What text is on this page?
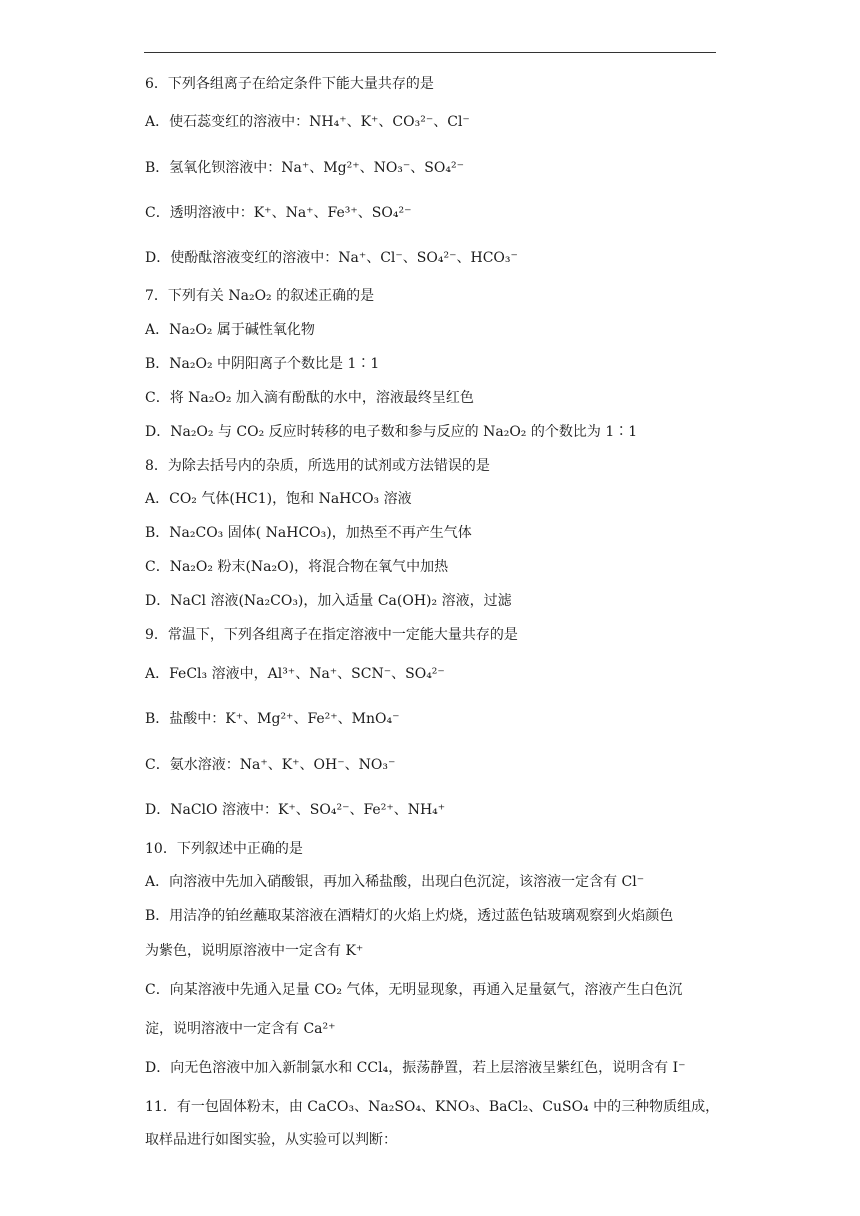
6．下列各组离子在给定条件下能大量共存的是
A．使石蕊变红的溶液中：NH₄⁺、K⁺、CO₃²⁻、Cl⁻
B．氢氧化钡溶液中：Na⁺、Mg²⁺、NO₃⁻、SO₄²⁻
C．透明溶液中：K⁺、Na⁺、Fe³⁺、SO₄²⁻
D．使酚酞溶液变红的溶液中：Na⁺、Cl⁻、SO₄²⁻、HCO₃⁻
7．下列有关 Na₂O₂ 的叙述正确的是
A．Na₂O₂ 属于碱性氧化物
B．Na₂O₂ 中阴阳离子个数比是 1∶1
C．将 Na₂O₂ 加入滴有酚酞的水中，溶液最终呈红色
D．Na₂O₂ 与 CO₂ 反应时转移的电子数和参与反应的 Na₂O₂ 的个数比为 1∶1
8．为除去括号内的杂质，所选用的试剂或方法错误的是
A．CO₂ 气体(HC1)，饱和 NaHCO₃ 溶液
B．Na₂CO₃ 固体( NaHCO₃)，加热至不再产生气体
C．Na₂O₂ 粉末(Na₂O)，将混合物在氧气中加热
D．NaCl 溶液(Na₂CO₃)，加入适量 Ca(OH)₂ 溶液，过滤
9．常温下，下列各组离子在指定溶液中一定能大量共存的是
A．FeCl₃ 溶液中，Al³⁺、Na⁺、SCN⁻、SO₄²⁻
B．盐酸中：K⁺、Mg²⁺、Fe²⁺、MnO₄⁻
C．氨水溶液：Na⁺、K⁺、OH⁻、NO₃⁻
D．NaClO 溶液中：K⁺、SO₄²⁻、Fe²⁺、NH₄⁺
10．下列叙述中正确的是
A．向溶液中先加入硝酸银，再加入稀盐酸，出现白色沉淀，该溶液一定含有 Cl⁻
B．用洁净的铂丝蘸取某溶液在酒精灯的火焰上灼烧，透过蓝色钴玻璃观察到火焰颜色
为紫色，说明原溶液中一定含有 K⁺
C．向某溶液中先通入足量 CO₂ 气体，无明显现象，再通入足量氨气，溶液产生白色沉
淀，说明溶液中一定含有 Ca²⁺
D．向无色溶液中加入新制氯水和 CCl₄，振荡静置，若上层溶液呈紫红色，说明含有 I⁻
11．有一包固体粉末，由 CaCO₃、Na₂SO₄、KNO₃、BaCl₂、CuSO₄ 中的三种物质组成，
取样品进行如图实验，从实验可以判断：
